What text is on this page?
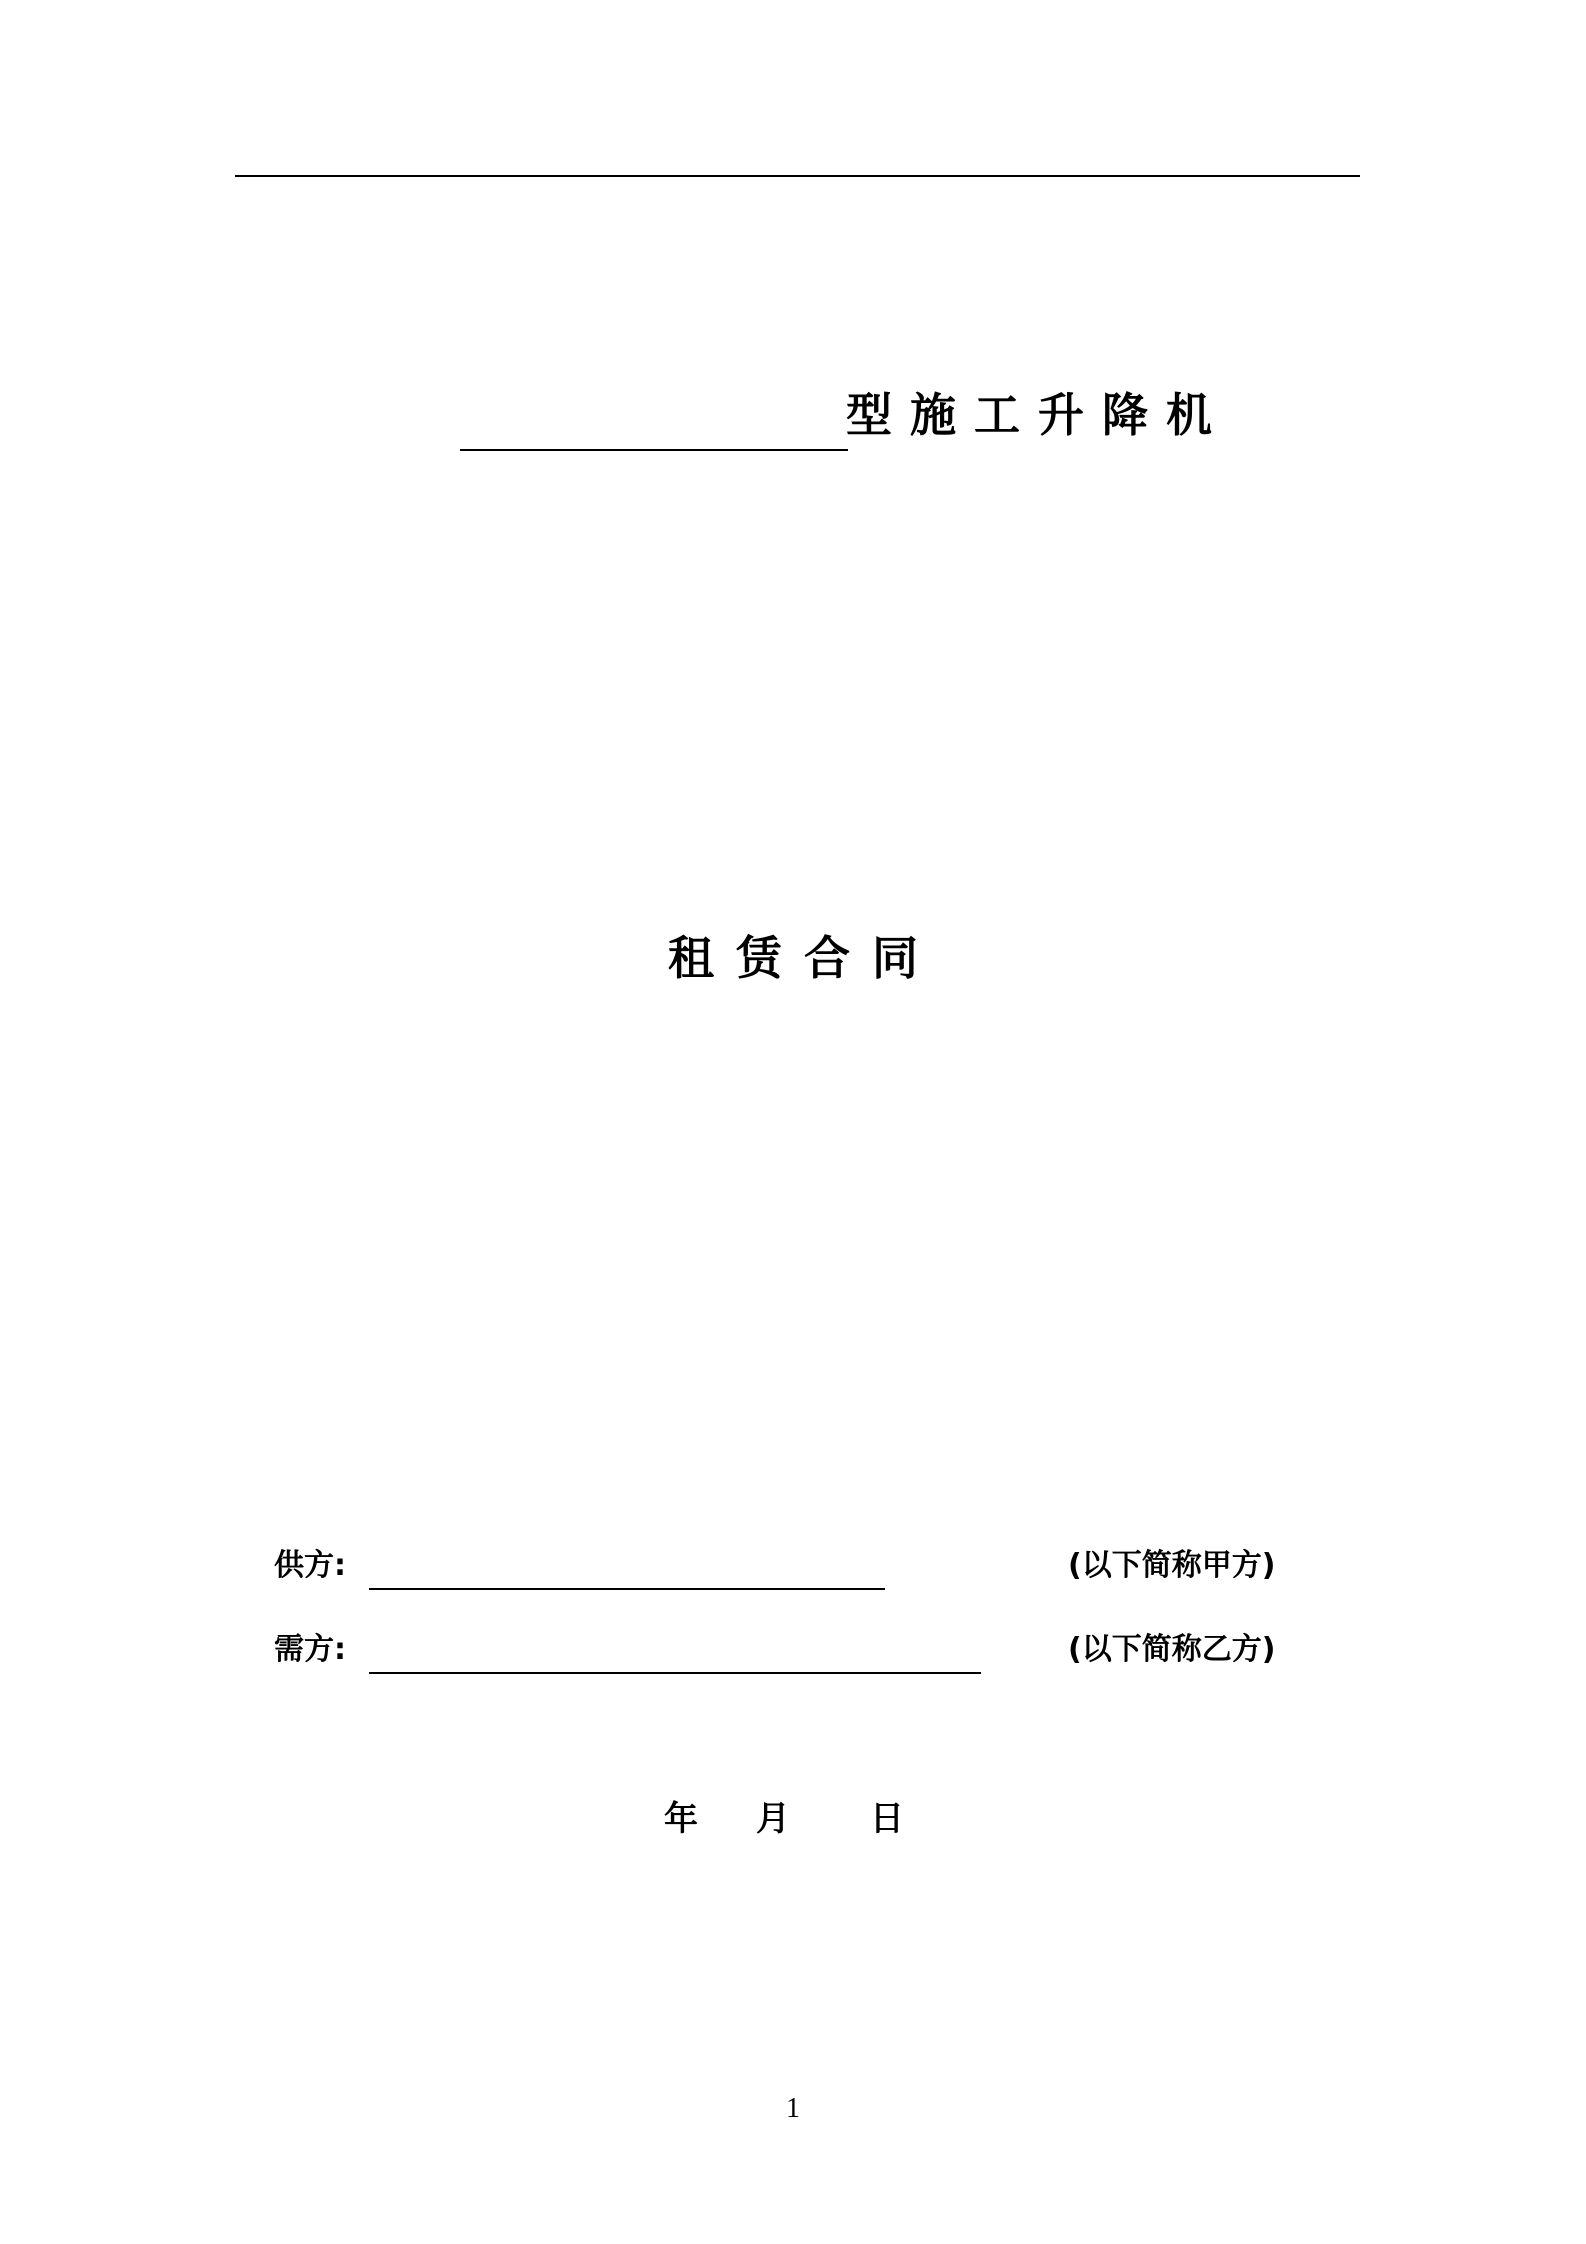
型施工升降机
租赁合同
供方:	(以下简称甲方)
需方:	(以下简称乙方)
年 月 日
1
